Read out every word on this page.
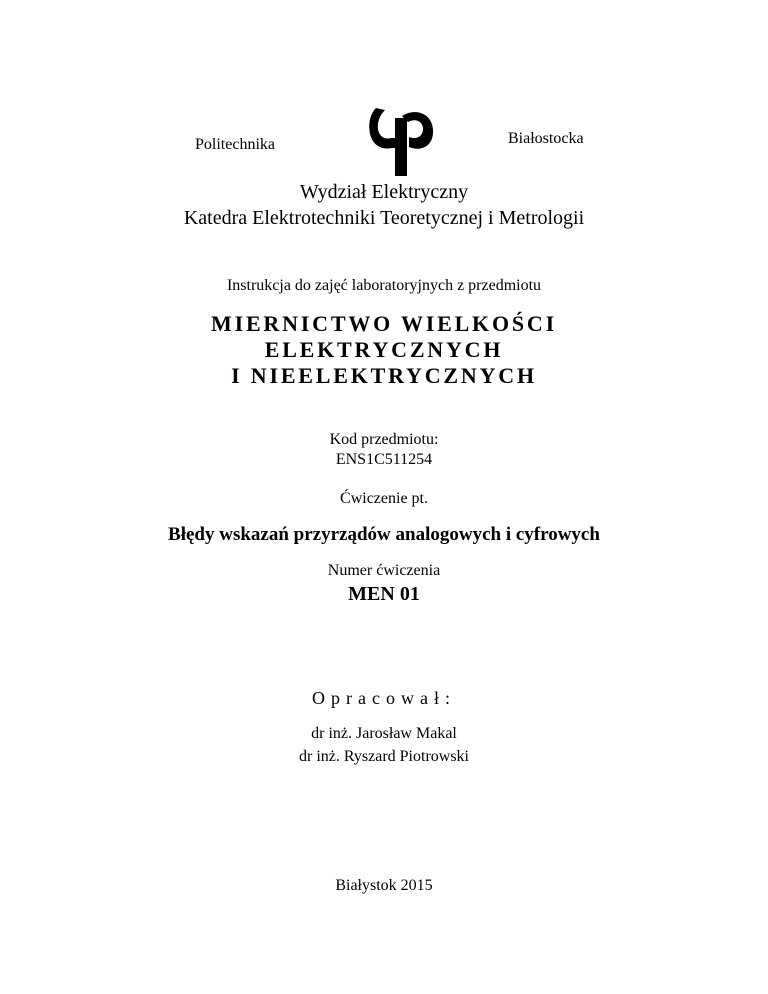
Politechnika	Białostocka
Wydział Elektryczny
Katedra Elektrotechniki Teoretycznej i Metrologii
Instrukcja do zajęć laboratoryjnych z przedmiotu
MIERNICTWO WIELKOŚCI
ELEKTRYCZNYCH
I NIEELEKTRYCZNYCH
Kod przedmiotu:
ENS1C511254
Ćwiczenie pt.
Błędy wskazań przyrządów analogowych i cyfrowych
Numer ćwiczenia
MEN 01
Opracował:
dr inż. Jarosław Makal
dr inż. Ryszard Piotrowski
Białystok 2015
